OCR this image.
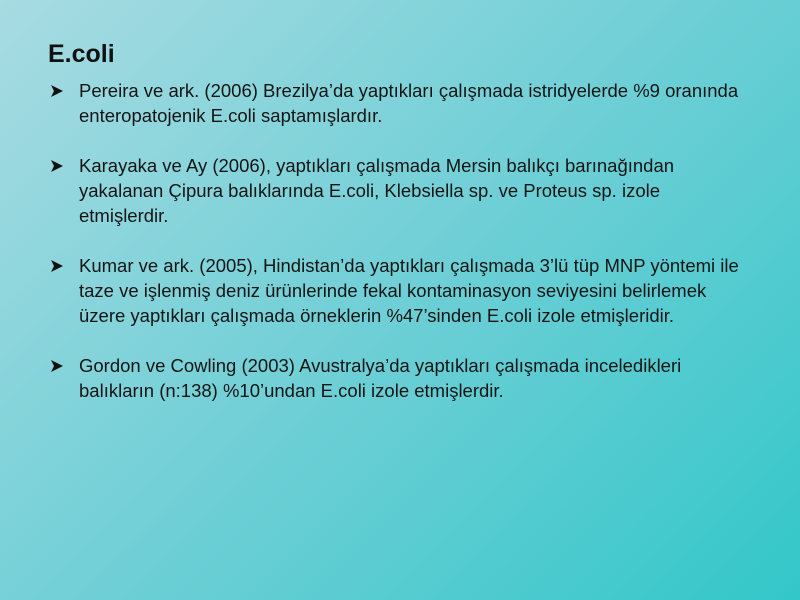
E.coli
Pereira ve ark. (2006) Brezilya’da yaptıkları çalışmada istridyelerde %9 oranında enteropatojenik E.coli saptamışlardır.
Karayaka ve Ay (2006), yaptıkları çalışmada Mersin balıkçı barınağından yakalanan Çipura balıklarında E.coli, Klebsiella sp. ve Proteus sp. izole etmişlerdir.
Kumar ve ark. (2005), Hindistan’da yaptıkları çalışmada 3’lü tüp MNP yöntemi ile taze ve işlenmiş deniz ürünlerinde fekal kontaminasyon seviyesini belirlemek üzere yaptıkları çalışmada örneklerin %47’sinden E.coli izole etmişleridir.
Gordon ve Cowling (2003) Avustralya’da yaptıkları çalışmada inceledikleri balıkların (n:138) %10’undan E.coli izole etmişlerdir.
